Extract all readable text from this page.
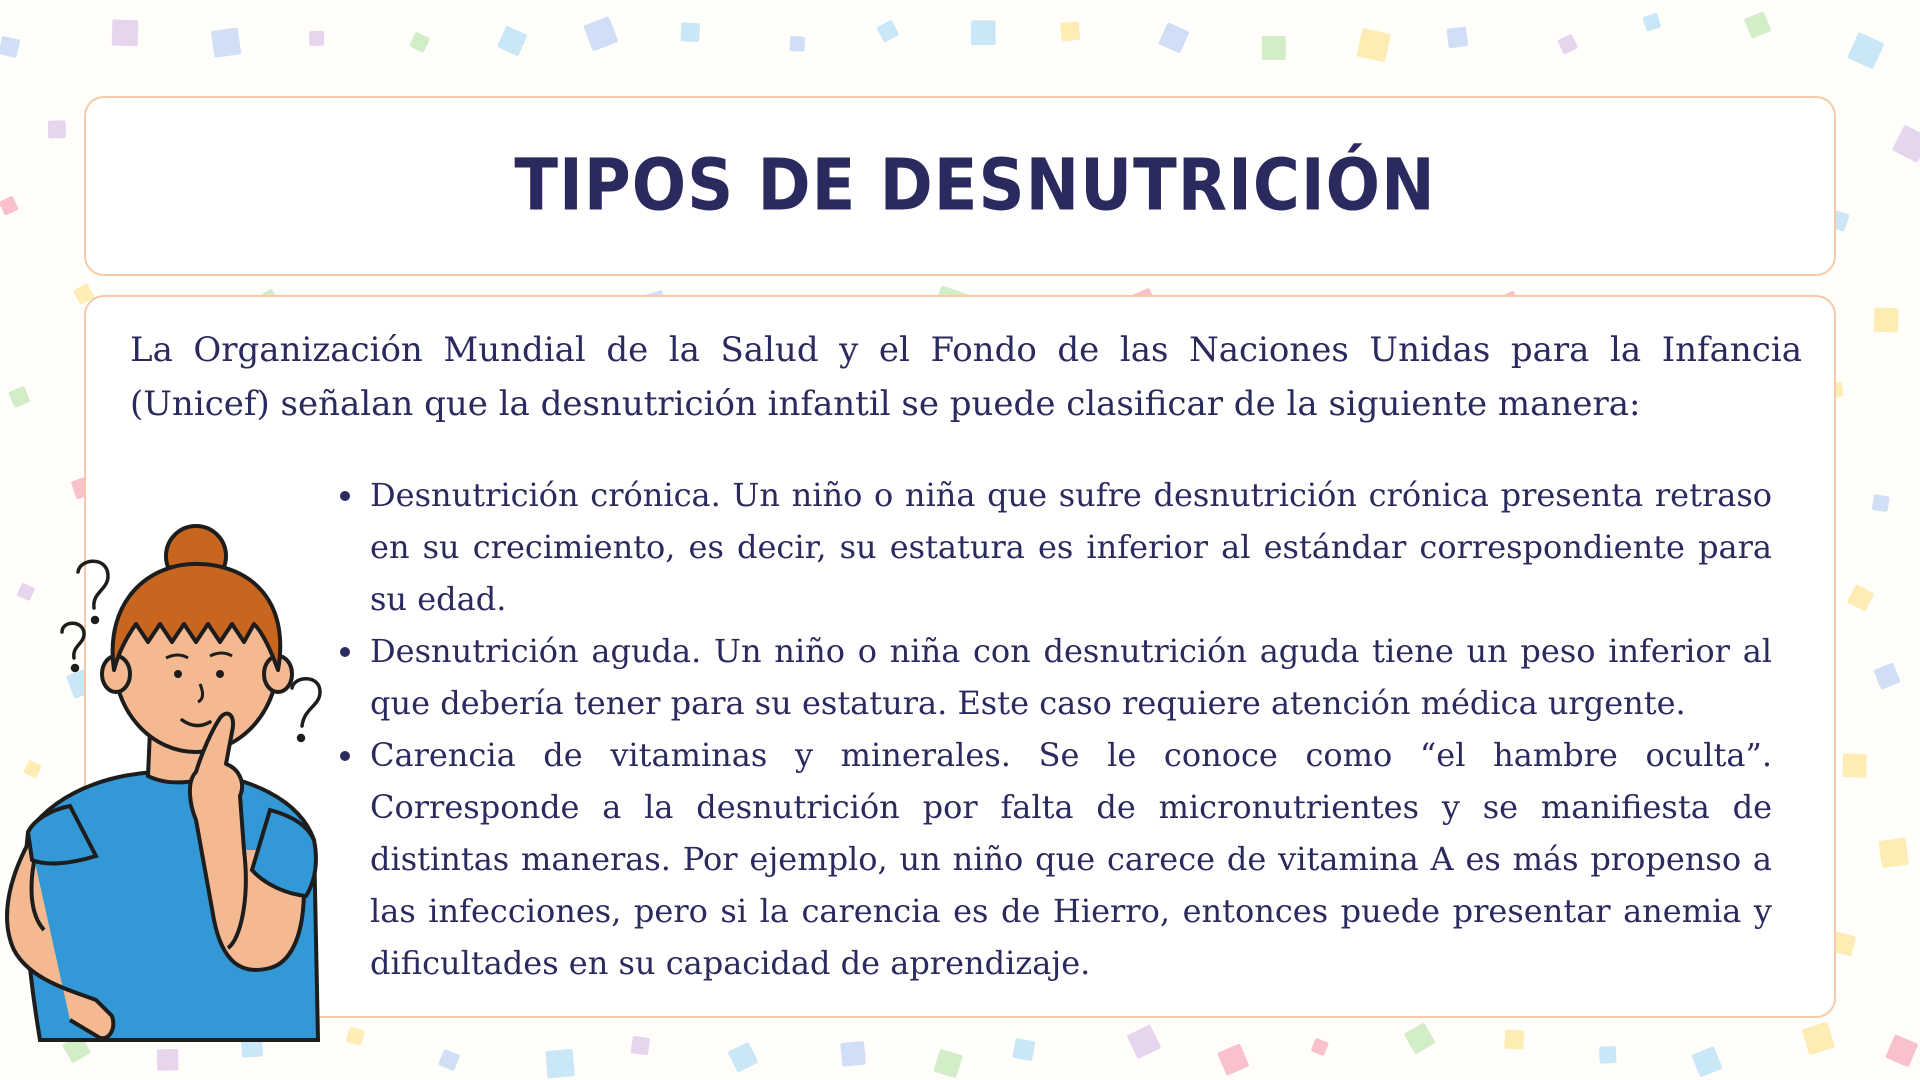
TIPOS DE DESNUTRICIÓN

La Organización Mundial de la Salud y el Fondo de las Naciones Unidas para la Infancia (Unicef) señalan que la desnutrición infantil se puede clasificar de la siguiente manera:

Desnutrición crónica. Un niño o niña que sufre desnutrición crónica presenta retraso en su crecimiento, es decir, su estatura es inferior al estándar correspondiente para su edad.
Desnutrición aguda. Un niño o niña con desnutrición aguda tiene un peso inferior al que debería tener para su estatura. Este caso requiere atención médica urgente.
Carencia de vitaminas y minerales. Se le conoce como “el hambre oculta”. Corresponde a la desnutrición por falta de micronutrientes y se manifiesta de distintas maneras. Por ejemplo, un niño que carece de vitamina A es más propenso a las infecciones, pero si la carencia es de Hierro, entonces puede presentar anemia y dificultades en su capacidad de aprendizaje.
